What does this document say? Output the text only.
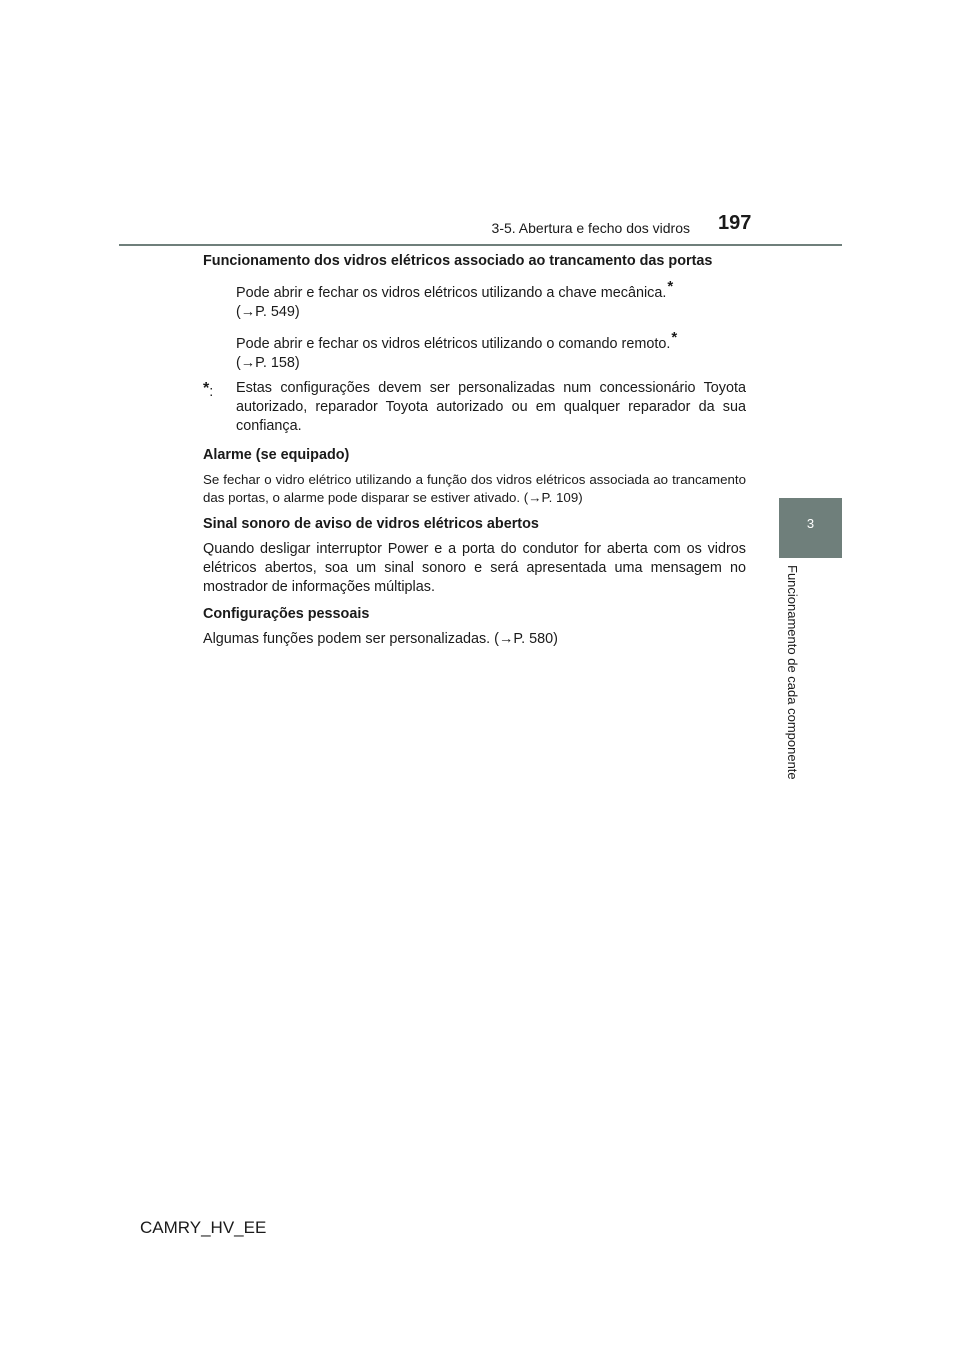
3-5. Abertura e fecho dos vidros 197
3
Funcionamento de cada componente

Funcionamento dos vidros elétricos associado ao trancamento das portas

Pode abrir e fechar os vidros elétricos utilizando a chave mecânica.*

(→P. 549)

Pode abrir e fechar os vidros elétricos utilizando o comando remoto.*

(→P. 158)

*: Estas configurações devem ser personalizadas num concessionário Toyota autorizado, reparador Toyota autorizado ou em qualquer reparador da sua confiança.

Alarme (se equipado)

Se fechar o vidro elétrico utilizando a função dos vidros elétricos associada ao trancamento das portas, o alarme pode disparar se estiver ativado. (→P. 109)

Sinal sonoro de aviso de vidros elétricos abertos

Quando desligar interruptor Power e a porta do condutor for aberta com os vidros elétricos abertos, soa um sinal sonoro e será apresentada uma mensagem no mostrador de informações múltiplas.

Configurações pessoais

Algumas funções podem ser personalizadas. (→P. 580)

CAMRY_HV_EE
